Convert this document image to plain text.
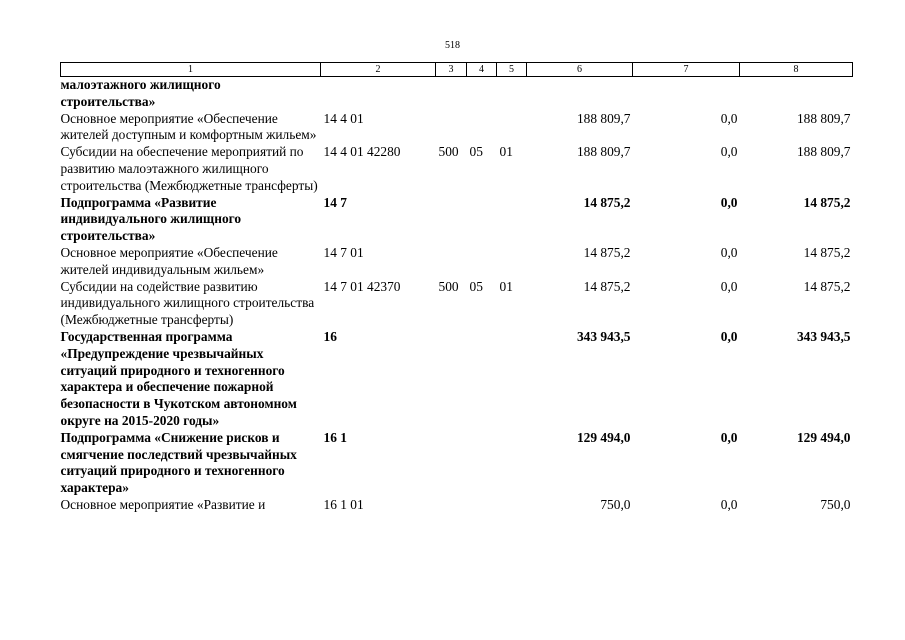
518
1	2	3	4	5	6	7	8
малоэтажного жилищного строительства»							
Основное мероприятие «Обеспечение жителей доступным и комфортным жильем»	14 4 01				188 809,7	0,0	188 809,7
Субсидии на обеспечение мероприятий по развитию малоэтажного жилищного строительства (Межбюджетные трансферты)	14 4 01 42280	500	05	01	188 809,7	0,0	188 809,7
Подпрограмма «Развитие индивидуального жилищного строительства»	14 7				14 875,2	0,0	14 875,2
Основное мероприятие «Обеспечение жителей индивидуальным жильем»	14 7 01				14 875,2	0,0	14 875,2
Субсидии на содействие развитию индивидуального жилищного строительства (Межбюджетные трансферты)	14 7 01 42370	500	05	01	14 875,2	0,0	14 875,2
Государственная программа «Предупреждение чрезвычайных ситуаций природного и техногенного характера и обеспечение пожарной безопасности в Чукотском автономном округе на 2015-2020 годы»	16				343 943,5	0,0	343 943,5
Подпрограмма «Снижение рисков и смягчение последствий чрезвычайных ситуаций природного и техногенного характера»	16 1				129 494,0	0,0	129 494,0
Основное мероприятие «Развитие и	16 1 01				750,0	0,0	750,0
